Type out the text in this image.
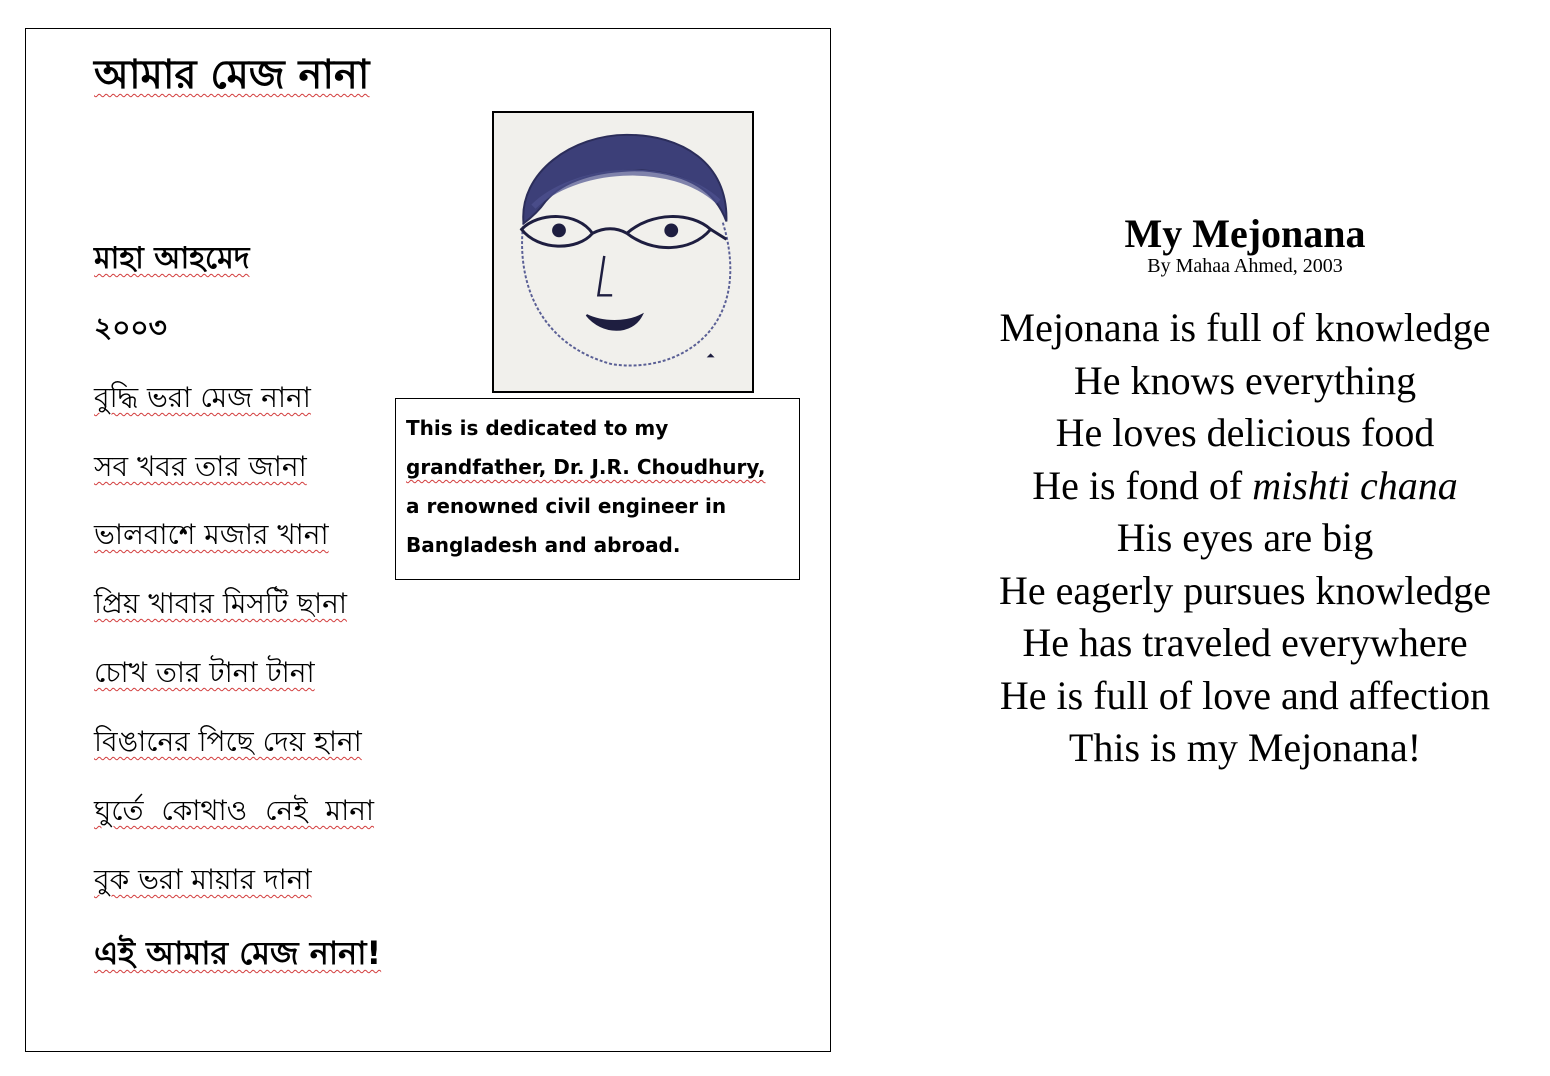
আমার মেজ নানা
মাহা আহমেদ
২০০৩
বুদ্ধি ভরা মেজ নানা
সব খবর তার জানা
ভালবাশে মজার খানা
প্রিয় খাবার মিসটি ছানা
চোখ তার টানা টানা
বিঙানের পিছে দেয় হানা
ঘুর্তে  কোথাও  নেই  মানা
বুক ভরা মায়ার দানা
এই আমার মেজ নানা!
This is dedicated to my
grandfather, Dr. J.R. Choudhury,
a renowned civil engineer in
Bangladesh and abroad.
My Mejonana
By Mahaa Ahmed, 2003
Mejonana is full of knowledge
He knows everything
He loves delicious food
He is fond of mishti chana
His eyes are big
He eagerly pursues knowledge
He has traveled everywhere
He is full of love and affection
This is my Mejonana!
